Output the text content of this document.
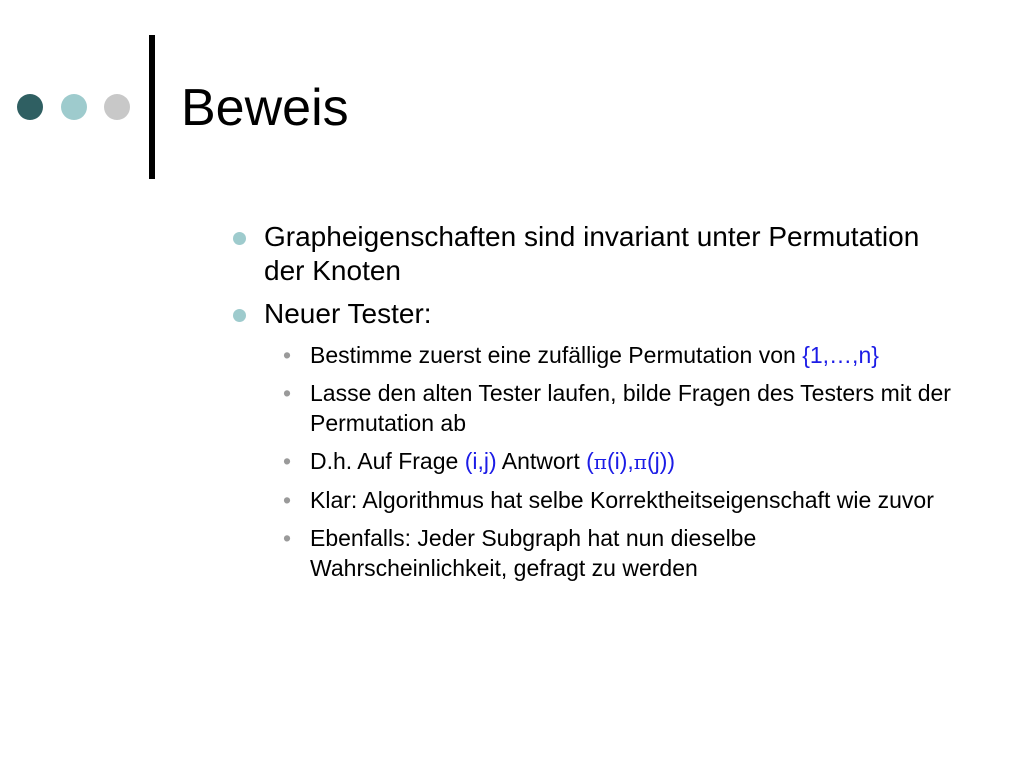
Beweis
Grapheigenschaften sind invariant unter Permutation der Knoten
Neuer Tester:
• Bestimme zuerst eine zufällige Permutation von {1,…,n}
• Lasse den alten Tester laufen, bilde Fragen des Testers mit der Permutation ab
• D.h. Auf Frage (i,j) Antwort (π(i),π(j))
• Klar: Algorithmus hat selbe Korrektheitseigenschaft wie zuvor
• Ebenfalls: Jeder Subgraph hat nun dieselbe Wahrscheinlichkeit, gefragt zu werden
